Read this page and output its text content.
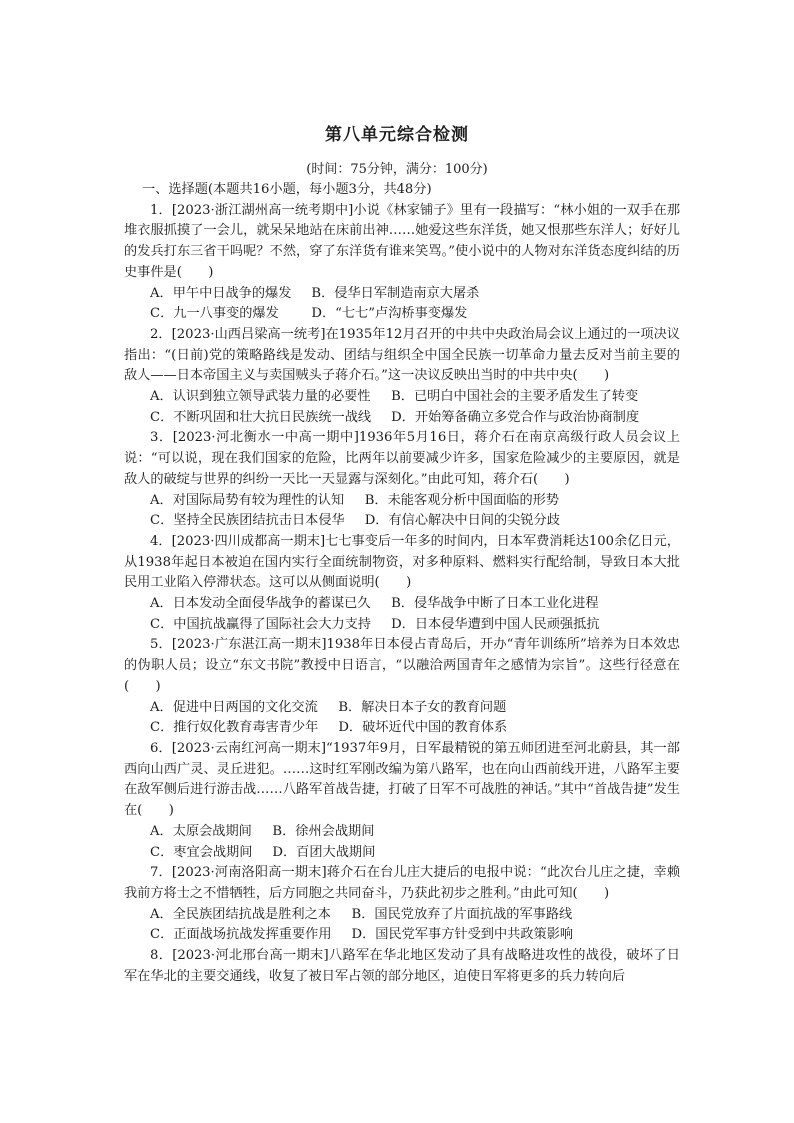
第八单元综合检测
(时间：75分钟，满分：100分)

一、选择题(本题共16小题，每小题3分，共48分)

1．[2023·浙江湖州高一统考期中]小说《林家铺子》里有一段描写：“林小姐的一双手在那堆衣服抓摸了一会儿，就呆呆地站在床前出神……她爱这些东洋货，她又恨那些东洋人；好好儿的发兵打东三省干吗呢？不然，穿了东洋货有谁来笑骂。”使小说中的人物对东洋货态度纠结的历史事件是(　　)

A．甲午中日战争的爆发 B．侵华日军制造南京大屠杀
C．九一八事变的爆发	D．“七七”卢沟桥事变爆发

2．[2023·山西吕梁高一统考]在1935年12月召开的中共中央政治局会议上通过的一项决议指出：“(日前)党的策略路线是发动、团结与组织全中国全民族一切革命力量去反对当前主要的敌人——日本帝国主义与卖国贼头子蒋介石。”这一决议反映出当时的中共中央(　　)

A．认识到独立领导武装力量的必要性 B．已明白中国社会的主要矛盾发生了转变
C．不断巩固和壮大抗日民族统一战线 D．开始筹备确立多党合作与政治协商制度

3．[2023·河北衡水一中高一期中]1936年5月16日，蒋介石在南京高级行政人员会议上说：“可以说，现在我们国家的危险，比两年以前要减少许多，国家危险减少的主要原因，就是敌人的破绽与世界的纠纷一天比一天显露与深刻化。”由此可知，蒋介石(　　)

A．对国际局势有较为理性的认知 B．未能客观分析中国面临的形势
C．坚持全民族团结抗击日本侵华 D．有信心解决中日间的尖锐分歧

4．[2023·四川成都高一期末]七七事变后一年多的时间内，日本军费消耗达100余亿日元，从1938年起日本被迫在国内实行全面统制物资，对多种原料、燃料实行配给制，导致日本大批民用工业陷入停滞状态。这可以从侧面说明(　　)

A．日本发动全面侵华战争的蓄谋已久 B．侵华战争中断了日本工业化进程
C．中国抗战赢得了国际社会大力支持 D．日本侵华遭到中国人民顽强抵抗

5．[2023·广东湛江高一期末]1938年日本侵占青岛后，开办“青年训练所”培养为日本效忠的伪职人员；设立“东文书院”教授中日语言，“以融洽两国青年之感情为宗旨”。这些行径意在(　　)

A．促进中日两国的文化交流 B．解决日本子女的教育问题
C．推行奴化教育毒害青少年 D．破坏近代中国的教育体系

6．[2023·云南红河高一期末]“1937年9月，日军最精锐的第五师团进至河北蔚县，其一部西向山西广灵、灵丘进犯。……这时红军刚改编为第八路军，也在向山西前线开进，八路军主要在敌军侧后进行游击战……八路军首战告捷，打破了日军不可战胜的神话。”其中“首战告捷”发生在(　　)

A．太原会战期间 B．徐州会战期间
C．枣宜会战期间 D．百团大战期间

7．[2023·河南洛阳高一期末]蒋介石在台儿庄大捷后的电报中说：“此次台儿庄之捷，幸赖我前方将士之不惜牺牲，后方同胞之共同奋斗，乃获此初步之胜利。”由此可知(　　)

A．全民族团结抗战是胜利之本 B．国民党放弃了片面抗战的军事路线
C．正面战场抗战发挥重要作用 D．国民党军事方针受到中共政策影响

8．[2023·河北邢台高一期末]八路军在华北地区发动了具有战略进攻性的战役，破坏了日军在华北的主要交通线，收复了被日军占领的部分地区，迫使日军将更多的兵力转向后
